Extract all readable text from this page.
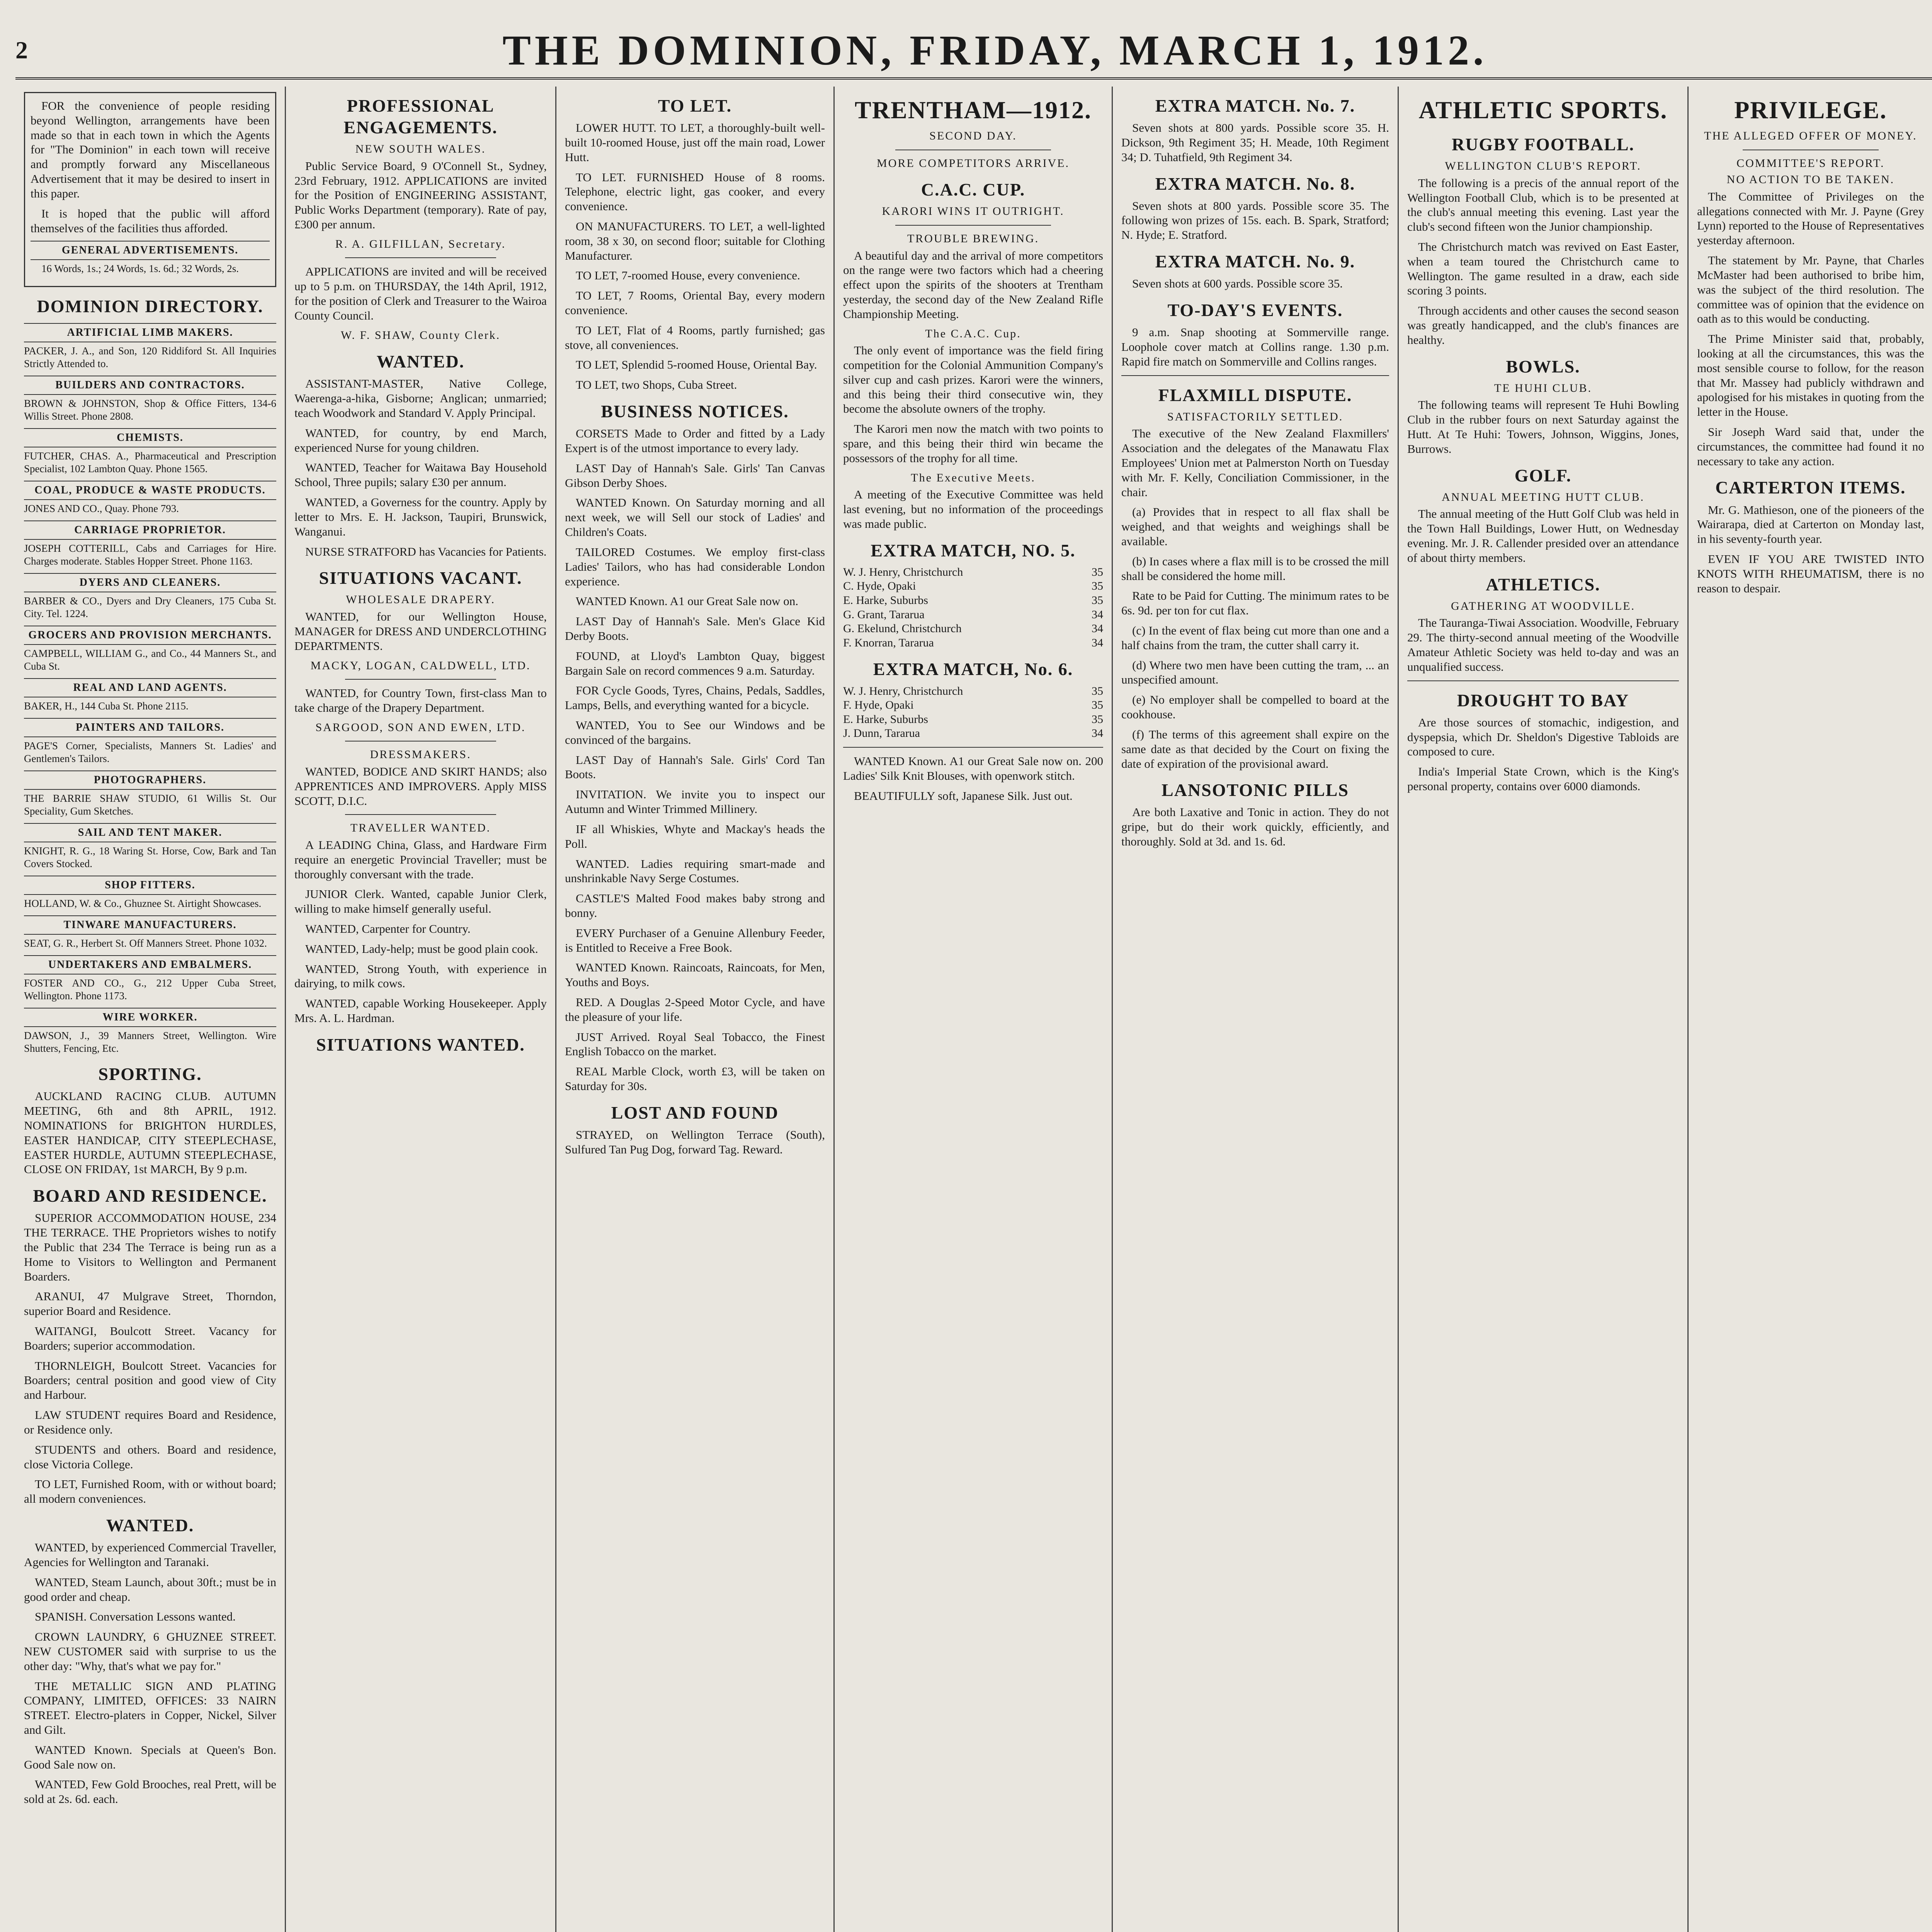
2	THE DOMINION, FRIDAY, MARCH 1, 1912.

FOR the convenience of people residing beyond Wellington, arrangements have been made so that in each town in which the Agents for "The Dominion" in each town will receive and promptly forward any Miscellaneous Advertisement that it may be desired to insert in this paper.

It is hoped that the public will afford themselves of the facilities thus afforded.

GENERAL ADVERTISEMENTS.

16 Words, 1s.; 24 Words, 1s. 6d.; 32 Words, 2s.

DOMINION DIRECTORY.
ARTIFICIAL LIMB MAKERS.

PACKER, J. A., and Son, 120 Riddiford St. All Inquiries Strictly Attended to.

BUILDERS AND CONTRACTORS.

BROWN & JOHNSTON, Shop & Office Fitters, 134-6 Willis Street. Phone 2808.

CHEMISTS.

FUTCHER, CHAS. A., Pharmaceutical and Prescription Specialist, 102 Lambton Quay. Phone 1565.

COAL, PRODUCE & WASTE PRODUCTS.

JONES AND CO., Quay. Phone 793.

CARRIAGE PROPRIETOR.

JOSEPH COTTERILL, Cabs and Carriages for Hire. Charges moderate. Stables Hopper Street. Phone 1163.

DYERS AND CLEANERS.

BARBER & CO., Dyers and Dry Cleaners, 175 Cuba St. City. Tel. 1224.

GROCERS AND PROVISION MERCHANTS.

CAMPBELL, WILLIAM G., and Co., 44 Manners St., and Cuba St.

REAL AND LAND AGENTS.

BAKER, H., 144 Cuba St. Phone 2115.

PAINTERS AND TAILORS.

PAGE'S Corner, Specialists, Manners St. Ladies' and Gentlemen's Tailors.

PHOTOGRAPHERS.

THE BARRIE SHAW STUDIO, 61 Willis St. Our Speciality, Gum Sketches.

SAIL AND TENT MAKER.

KNIGHT, R. G., 18 Waring St. Horse, Cow, Bark and Tan Covers Stocked.

SHOP FITTERS.

HOLLAND, W. & Co., Ghuznee St. Airtight Showcases.

TINWARE MANUFACTURERS.

SEAT, G. R., Herbert St. Off Manners Street. Phone 1032.

UNDERTAKERS AND EMBALMERS.

FOSTER AND CO., G., 212 Upper Cuba Street, Wellington. Phone 1173.

WIRE WORKER.

DAWSON, J., 39 Manners Street, Wellington. Wire Shutters, Fencing, Etc.

SPORTING.

AUCKLAND RACING CLUB. AUTUMN MEETING, 6th and 8th APRIL, 1912. NOMINATIONS for BRIGHTON HURDLES, EASTER HANDICAP, CITY STEEPLECHASE, EASTER HURDLE, AUTUMN STEEPLECHASE, CLOSE ON FRIDAY, 1st MARCH, By 9 p.m.

BOARD AND RESIDENCE.

SUPERIOR ACCOMMODATION HOUSE, 234 THE TERRACE. THE Proprietors wishes to notify the Public that 234 The Terrace is being run as a Home to Visitors to Wellington and Permanent Boarders.

ARANUI, 47 Mulgrave Street, Thorndon, superior Board and Residence.

WAITANGI, Boulcott Street. Vacancy for Boarders; superior accommodation.

THORNLEIGH, Boulcott Street. Vacancies for Boarders; central position and good view of City and Harbour.

LAW STUDENT requires Board and Residence, or Residence only.

STUDENTS and others. Board and residence, close Victoria College.

TO LET, Furnished Room, with or without board; all modern conveniences.

WANTED.

WANTED, by experienced Commercial Traveller, Agencies for Wellington and Taranaki.

WANTED, Steam Launch, about 30ft.; must be in good order and cheap.

SPANISH. Conversation Lessons wanted.

CROWN LAUNDRY, 6 GHUZNEE STREET. NEW CUSTOMER said with surprise to us the other day: "Why, that's what we pay for."

THE METALLIC SIGN AND PLATING COMPANY, LIMITED, OFFICES: 33 NAIRN STREET. Electro-platers in Copper, Nickel, Silver and Gilt.

WANTED Known. Specials at Queen's Bon. Good Sale now on.

WANTED, Few Gold Brooches, real Prett, will be sold at 2s. 6d. each.

PROFESSIONAL ENGAGEMENTS.
NEW SOUTH WALES.

Public Service Board, 9 O'Connell St., Sydney, 23rd February, 1912. APPLICATIONS are invited for the Position of ENGINEERING ASSISTANT, Public Works Department (temporary). Rate of pay, £300 per annum.

R. A. GILFILLAN, Secretary.

APPLICATIONS are invited and will be received up to 5 p.m. on THURSDAY, the 14th April, 1912, for the position of Clerk and Treasurer to the Wairoa County Council.

W. F. SHAW, County Clerk.
WANTED.

ASSISTANT-MASTER, Native College, Waerenga-a-hika, Gisborne; Anglican; unmarried; teach Woodwork and Standard V. Apply Principal.

WANTED, for country, by end March, experienced Nurse for young children.

WANTED, Teacher for Waitawa Bay Household School, Three pupils; salary £30 per annum.

WANTED, a Governess for the country. Apply by letter to Mrs. E. H. Jackson, Taupiri, Brunswick, Wanganui.

NURSE STRATFORD has Vacancies for Patients.

SITUATIONS VACANT.
WHOLESALE DRAPERY.

WANTED, for our Wellington House, MANAGER for DRESS AND UNDERCLOTHING DEPARTMENTS.

MACKY, LOGAN, CALDWELL, LTD.

WANTED, for Country Town, first-class Man to take charge of the Drapery Department.

SARGOOD, SON AND EWEN, LTD.
DRESSMAKERS.

WANTED, BODICE AND SKIRT HANDS; also APPRENTICES AND IMPROVERS. Apply MISS SCOTT, D.I.C.

TRAVELLER WANTED.

A LEADING China, Glass, and Hardware Firm require an energetic Provincial Traveller; must be thoroughly conversant with the trade.

JUNIOR Clerk. Wanted, capable Junior Clerk, willing to make himself generally useful.

WANTED, Carpenter for Country.

WANTED, Lady-help; must be good plain cook.

WANTED, Strong Youth, with experience in dairying, to milk cows.

WANTED, capable Working Housekeeper. Apply Mrs. A. L. Hardman.

SITUATIONS WANTED.
TO LET.

LOWER HUTT. TO LET, a thoroughly-built well-built 10-roomed House, just off the main road, Lower Hutt.

TO LET. FURNISHED House of 8 rooms. Telephone, electric light, gas cooker, and every convenience.

ON MANUFACTURERS. TO LET, a well-lighted room, 38 x 30, on second floor; suitable for Clothing Manufacturer.

TO LET, 7-roomed House, every convenience.

TO LET, 7 Rooms, Oriental Bay, every modern convenience.

TO LET, Flat of 4 Rooms, partly furnished; gas stove, all conveniences.

TO LET, Splendid 5-roomed House, Oriental Bay.

TO LET, two Shops, Cuba Street.

BUSINESS NOTICES.

CORSETS Made to Order and fitted by a Lady Expert is of the utmost importance to every lady.

LAST Day of Hannah's Sale. Girls' Tan Canvas Gibson Derby Shoes.

WANTED Known. On Saturday morning and all next week, we will Sell our stock of Ladies' and Children's Coats.

TAILORED Costumes. We employ first-class Ladies' Tailors, who has had considerable London experience.

WANTED Known. A1 our Great Sale now on.

LAST Day of Hannah's Sale. Men's Glace Kid Derby Boots.

FOUND, at Lloyd's Lambton Quay, biggest Bargain Sale on record commences 9 a.m. Saturday.

FOR Cycle Goods, Tyres, Chains, Pedals, Saddles, Lamps, Bells, and everything wanted for a bicycle.

WANTED, You to See our Windows and be convinced of the bargains.

LAST Day of Hannah's Sale. Girls' Cord Tan Boots.

INVITATION. We invite you to inspect our Autumn and Winter Trimmed Millinery.

IF all Whiskies, Whyte and Mackay's heads the Poll.

WANTED. Ladies requiring smart-made and unshrinkable Navy Serge Costumes.

CASTLE'S Malted Food makes baby strong and bonny.

EVERY Purchaser of a Genuine Allenbury Feeder, is Entitled to Receive a Free Book.

WANTED Known. Raincoats, Raincoats, for Men, Youths and Boys.

RED. A Douglas 2-Speed Motor Cycle, and have the pleasure of your life.

JUST Arrived. Royal Seal Tobacco, the Finest English Tobacco on the market.

REAL Marble Clock, worth £3, will be taken on Saturday for 30s.

LOST AND FOUND

STRAYED, on Wellington Terrace (South), Sulfured Tan Pug Dog, forward Tag. Reward.

TRENTHAM—1912.
SECOND DAY.
MORE COMPETITORS ARRIVE.
C.A.C. CUP.
KARORI WINS IT OUTRIGHT.
TROUBLE BREWING.

A beautiful day and the arrival of more competitors on the range were two factors which had a cheering effect upon the spirits of the shooters at Trentham yesterday, the second day of the New Zealand Rifle Championship Meeting.

The C.A.C. Cup.

The only event of importance was the field firing competition for the Colonial Ammunition Company's silver cup and cash prizes. Karori were the winners, and this being their third consecutive win, they become the absolute owners of the trophy.

The Karori men now the match with two points to spare, and this being their third win became the possessors of the trophy for all time.

The Executive Meets.

A meeting of the Executive Committee was held last evening, but no information of the proceedings was made public.

EXTRA MATCH, NO. 5.
W. J. Henry, Christchurch	35
C. Hyde, Opaki	35
E. Harke, Suburbs	35
G. Grant, Tararua	34
G. Ekelund, Christchurch	34
F. Knorran, Tararua	34
EXTRA MATCH, No. 6.
W. J. Henry, Christchurch	35
F. Hyde, Opaki	35
E. Harke, Suburbs	35
J. Dunn, Tararua	34

WANTED Known. A1 our Great Sale now on. 200 Ladies' Silk Knit Blouses, with openwork stitch.

BEAUTIFULLY soft, Japanese Silk. Just out.

EXTRA MATCH. No. 7.

Seven shots at 800 yards. Possible score 35. H. Dickson, 9th Regiment 35; H. Meade, 10th Regiment 34; D. Tuhatfield, 9th Regiment 34.

EXTRA MATCH. No. 8.

Seven shots at 800 yards. Possible score 35. The following won prizes of 15s. each. B. Spark, Stratford; N. Hyde; E. Stratford.

EXTRA MATCH. No. 9.

Seven shots at 600 yards. Possible score 35.

TO-DAY'S EVENTS.

9 a.m. Snap shooting at Sommerville range. Loophole cover match at Collins range. 1.30 p.m. Rapid fire match on Sommerville and Collins ranges.

FLAXMILL DISPUTE.
SATISFACTORILY SETTLED.

The executive of the New Zealand Flaxmillers' Association and the delegates of the Manawatu Flax Employees' Union met at Palmerston North on Tuesday with Mr. F. Kelly, Conciliation Commissioner, in the chair.

(a) Provides that in respect to all flax shall be weighed, and that weights and weighings shall be available.

(b) In cases where a flax mill is to be crossed the mill shall be considered the home mill.

Rate to be Paid for Cutting. The minimum rates to be 6s. 9d. per ton for cut flax.

(c) In the event of flax being cut more than one and a half chains from the tram, the cutter shall carry it.

(d) Where two men have been cutting the tram, ... an unspecified amount.

(e) No employer shall be compelled to board at the cookhouse.

(f) The terms of this agreement shall expire on the same date as that decided by the Court on fixing the date of expiration of the provisional award.

LANSOTONIC PILLS

Are both Laxative and Tonic in action. They do not gripe, but do their work quickly, efficiently, and thoroughly. Sold at 3d. and 1s. 6d.

ATHLETIC SPORTS.
RUGBY FOOTBALL.
WELLINGTON CLUB'S REPORT.

The following is a precis of the annual report of the Wellington Football Club, which is to be presented at the club's annual meeting this evening. Last year the club's second fifteen won the Junior championship.

The Christchurch match was revived on East Easter, when a team toured the Christchurch came to Wellington. The game resulted in a draw, each side scoring 3 points.

Through accidents and other causes the second season was greatly handicapped, and the club's finances are healthy.

BOWLS.
TE HUHI CLUB.

The following teams will represent Te Huhi Bowling Club in the rubber fours on next Saturday against the Hutt. At Te Huhi: Towers, Johnson, Wiggins, Jones, Burrows.

GOLF.
ANNUAL MEETING HUTT CLUB.

The annual meeting of the Hutt Golf Club was held in the Town Hall Buildings, Lower Hutt, on Wednesday evening. Mr. J. R. Callender presided over an attendance of about thirty members.

ATHLETICS.
GATHERING AT WOODVILLE.

The Tauranga-Tiwai Association. Woodville, February 29. The thirty-second annual meeting of the Woodville Amateur Athletic Society was held to-day and was an unqualified success.

DROUGHT TO BAY

Are those sources of stomachic, indigestion, and dyspepsia, which Dr. Sheldon's Digestive Tabloids are composed to cure.

India's Imperial State Crown, which is the King's personal property, contains over 6000 diamonds.

PRIVILEGE.
THE ALLEGED OFFER OF MONEY.
COMMITTEE'S REPORT.
NO ACTION TO BE TAKEN.

The Committee of Privileges on the allegations connected with Mr. J. Payne (Grey Lynn) reported to the House of Representatives yesterday afternoon.

The statement by Mr. Payne, that Charles McMaster had been authorised to bribe him, was the subject of the third resolution. The committee was of opinion that the evidence on oath as to this would be conducting.

The Prime Minister said that, probably, looking at all the circumstances, this was the most sensible course to follow, for the reason that Mr. Massey had publicly withdrawn and apologised for his mistakes in quoting from the letter in the House.

Sir Joseph Ward said that, under the circumstances, the committee had found it no necessary to take any action.

CARTERTON ITEMS.

Mr. G. Mathieson, one of the pioneers of the Wairarapa, died at Carterton on Monday last, in his seventy-fourth year.

EVEN IF YOU ARE TWISTED INTO KNOTS WITH RHEUMATISM, there is no reason to despair.
